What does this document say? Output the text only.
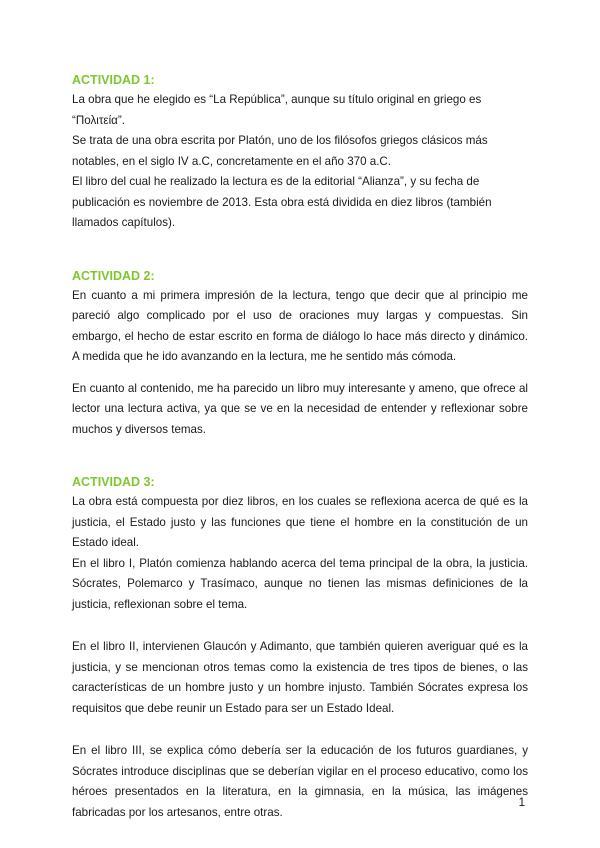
ACTIVIDAD 1:

La obra que he elegido es “La República”, aunque su título original en griego es “Πολιτεία”.

Se trata de una obra escrita por Platón, uno de los filósofos griegos clásicos más notables, en el siglo IV a.C, concretamente en el año 370 a.C.

El libro del cual he realizado la lectura es de la editorial “Alianza”, y su fecha de publicación es noviembre de 2013. Esta obra está dividida en diez libros (también llamados capítulos).

ACTIVIDAD 2:

En cuanto a mi primera impresión de la lectura, tengo que decir que al principio me pareció algo complicado por el uso de oraciones muy largas y compuestas. Sin embargo, el hecho de estar escrito en forma de diálogo lo hace más directo y dinámico. A medida que he ido avanzando en la lectura, me he sentido más cómoda.

En cuanto al contenido, me ha parecido un libro muy interesante y ameno, que ofrece al lector una lectura activa, ya que se ve en la necesidad de entender y reflexionar sobre muchos y diversos temas.

ACTIVIDAD 3:

La obra está compuesta por diez libros, en los cuales se reflexiona acerca de qué es la justicia, el Estado justo y las funciones que tiene el hombre en la constitución de un Estado ideal.

En el libro I, Platón comienza hablando acerca del tema principal de la obra, la justicia. Sócrates, Polemarco y Trasímaco, aunque no tienen las mismas definiciones de la justicia, reflexionan sobre el tema.

En el libro II, intervienen Glaucón y Adimanto, que también quieren averiguar qué es la justicia, y se mencionan otros temas como la existencia de tres tipos de bienes, o las características de un hombre justo y un hombre injusto. También Sócrates expresa los requisitos que debe reunir un Estado para ser un Estado Ideal.

En el libro III, se explica cómo debería ser la educación de los futuros guardianes, y Sócrates introduce disciplinas que se deberían vigilar en el proceso educativo, como los héroes presentados en la literatura, en la gimnasia, en la música, las imágenes fabricadas por los artesanos, entre otras.

1
